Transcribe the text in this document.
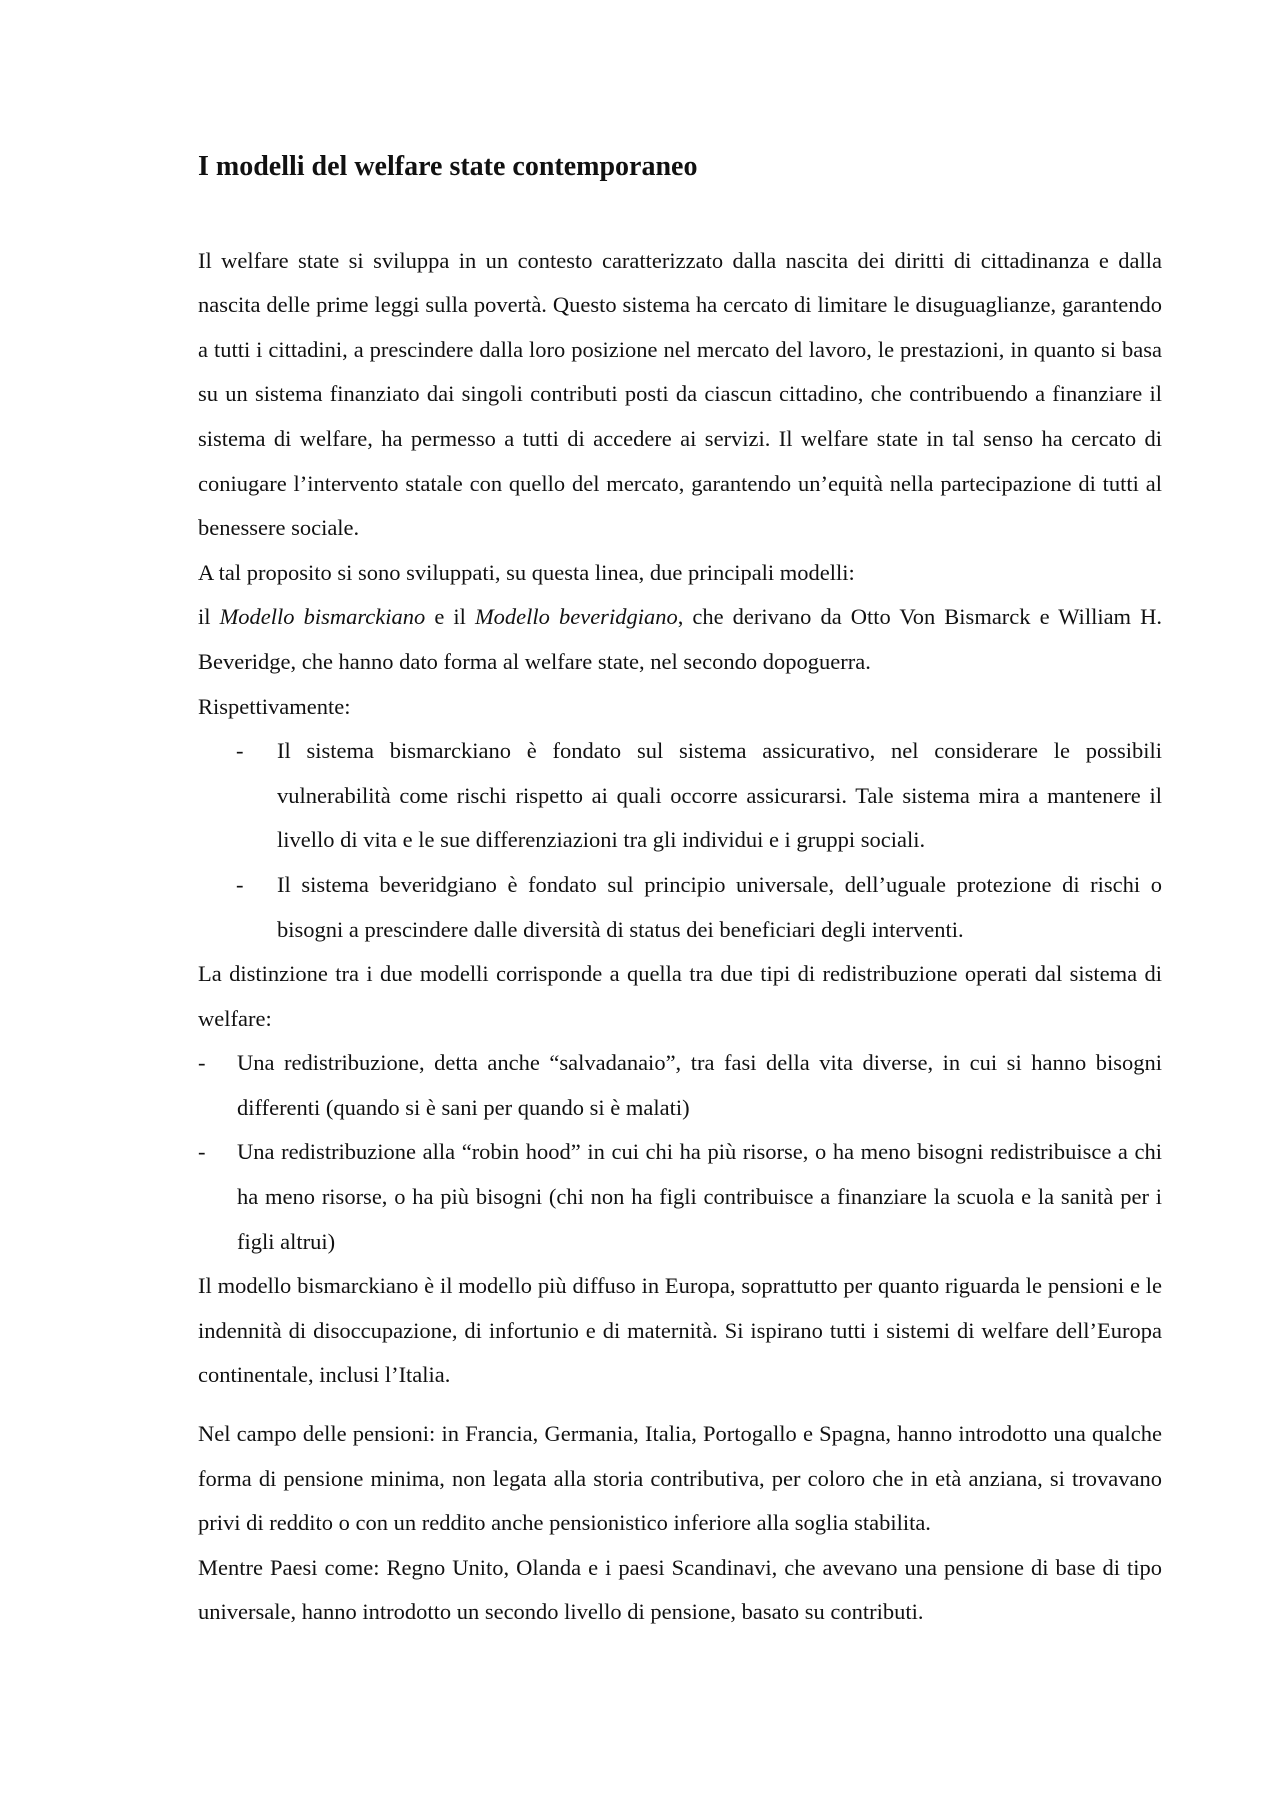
I modelli del welfare state contemporaneo

Il welfare state si sviluppa in un contesto caratterizzato dalla nascita dei diritti di cittadinanza e dalla nascita delle prime leggi sulla povertà. Questo sistema ha cercato di limitare le disuguaglianze, garantendo a tutti i cittadini, a prescindere dalla loro posizione nel mercato del lavoro, le prestazioni, in quanto si basa su un sistema finanziato dai singoli contributi posti da ciascun cittadino, che contribuendo a finanziare il sistema di welfare, ha permesso a tutti di accedere ai servizi. Il welfare state in tal senso ha cercato di coniugare l’intervento statale con quello del mercato, garantendo un’equità nella partecipazione di tutti al benessere sociale.

A tal proposito si sono sviluppati, su questa linea, due principali modelli:

il Modello bismarckiano e il Modello beveridgiano, che derivano da Otto Von Bismarck e William H. Beveridge, che hanno dato forma al welfare state, nel secondo dopoguerra.

Rispettivamente:

- Il sistema bismarckiano è fondato sul sistema assicurativo, nel considerare le possibili vulnerabilità come rischi rispetto ai quali occorre assicurarsi. Tale sistema mira a mantenere il livello di vita e le sue differenziazioni tra gli individui e i gruppi sociali.
- Il sistema beveridgiano è fondato sul principio universale, dell’uguale protezione di rischi o bisogni a prescindere dalle diversità di status dei beneficiari degli interventi.

La distinzione tra i due modelli corrisponde a quella tra due tipi di redistribuzione operati dal sistema di welfare:

- Una redistribuzione, detta anche “salvadanaio”, tra fasi della vita diverse, in cui si hanno bisogni differenti (quando si è sani per quando si è malati)
- Una redistribuzione alla “robin hood” in cui chi ha più risorse, o ha meno bisogni redistribuisce a chi ha meno risorse, o ha più bisogni (chi non ha figli contribuisce a finanziare la scuola e la sanità per i figli altrui)

Il modello bismarckiano è il modello più diffuso in Europa, soprattutto per quanto riguarda le pensioni e le indennità di disoccupazione, di infortunio e di maternità. Si ispirano tutti i sistemi di welfare dell’Europa continentale, inclusi l’Italia.

Nel campo delle pensioni: in Francia, Germania, Italia, Portogallo e Spagna, hanno introdotto una qualche forma di pensione minima, non legata alla storia contributiva, per coloro che in età anziana, si trovavano privi di reddito o con un reddito anche pensionistico inferiore alla soglia stabilita.

Mentre Paesi come: Regno Unito, Olanda e i paesi Scandinavi, che avevano una pensione di base di tipo universale, hanno introdotto un secondo livello di pensione, basato su contributi.
